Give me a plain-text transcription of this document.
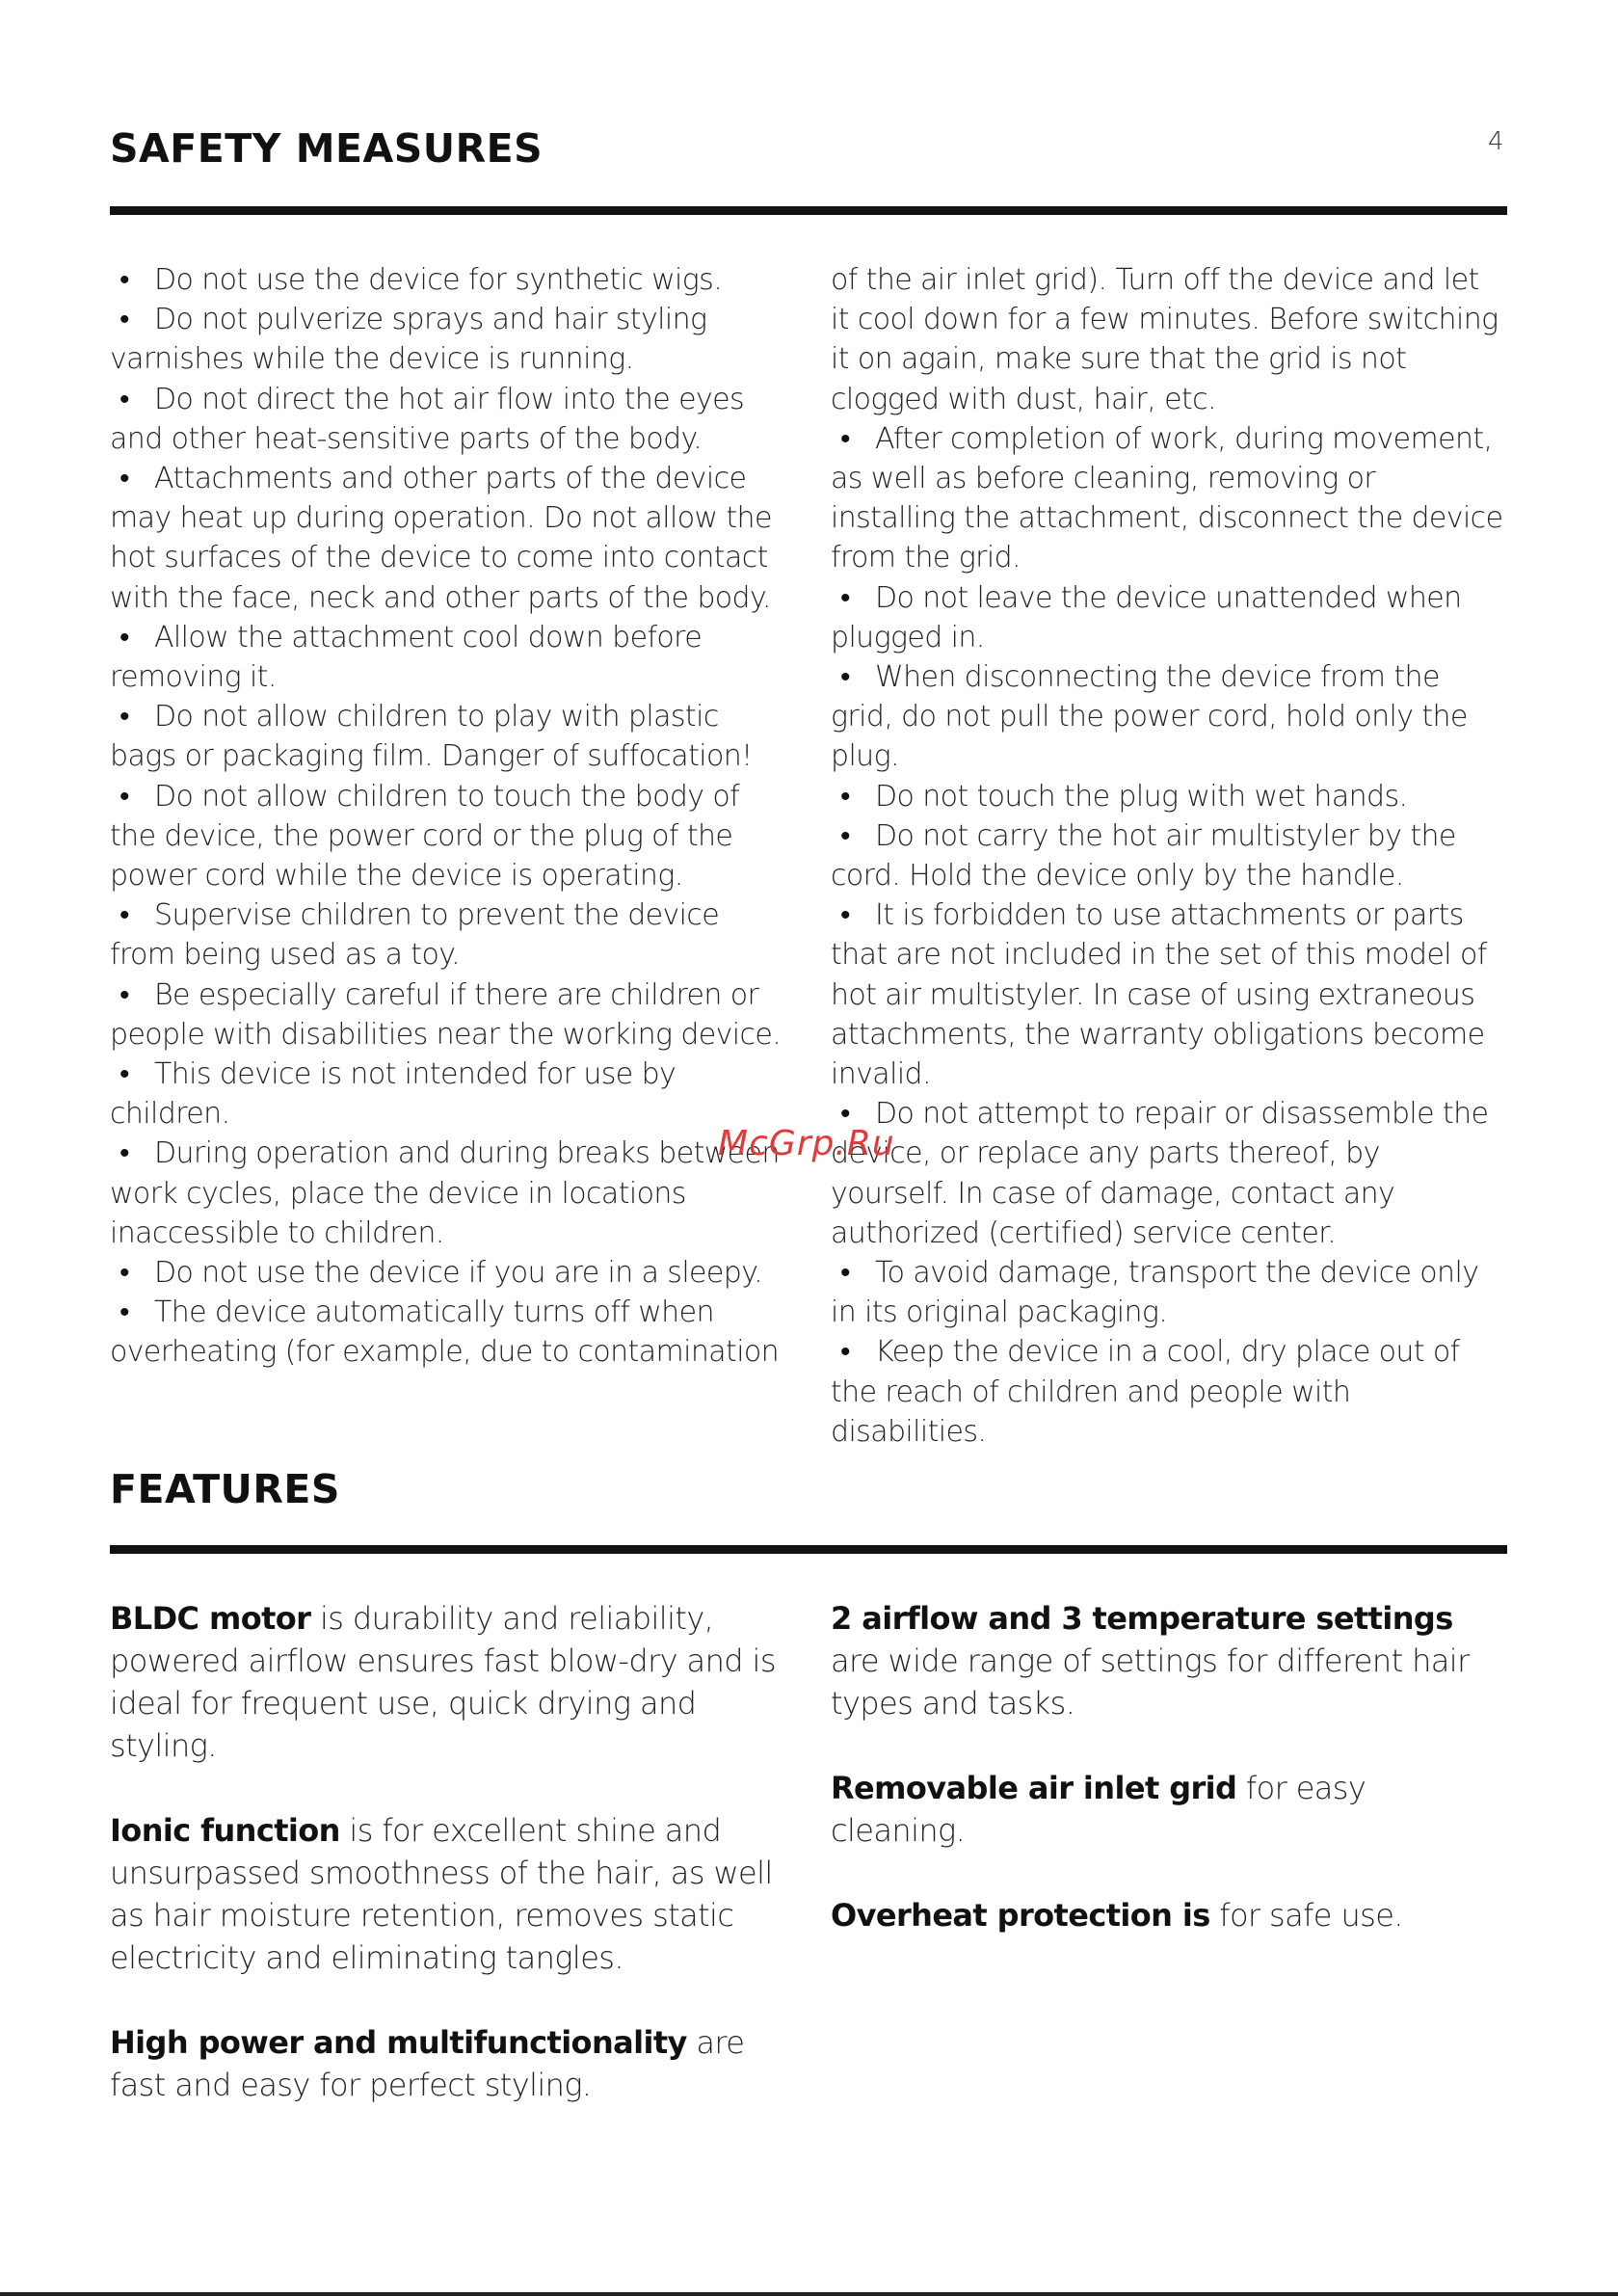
4
SAFETY MEASURES

• Do not use the device for synthetic wigs.

• Do not pulverize sprays and hair styling varnishes while the device is running.

• Do not direct the hot air flow into the eyes and other heat-sensitive parts of the body.

• Attachments and other parts of the device may heat up during operation. Do not allow the hot surfaces of the device to come into contact with the face, neck and other parts of the body.

• Allow the attachment cool down before removing it.

• Do not allow children to play with plastic bags or packaging film. Danger of suffocation!

• Do not allow children to touch the body of the device, the power cord or the plug of the power cord while the device is operating.

• Supervise children to prevent the device from being used as a toy.

• Be especially careful if there are children or people with disabilities near the working device.

• This device is not intended for use by children.

• During operation and during breaks between work cycles, place the device in locations inaccessible to children.

• Do not use the device if you are in a sleepy.

• The device automatically turns off when overheating (for example, due to contamination

of the air inlet grid). Turn off the device and let it cool down for a few minutes. Before switching it on again, make sure that the grid is not clogged with dust, hair, etc.

• After completion of work, during movement, as well as before cleaning, removing or installing the attachment, disconnect the device from the grid.

• Do not leave the device unattended when plugged in.

• When disconnecting the device from the grid, do not pull the power cord, hold only the plug.

• Do not touch the plug with wet hands.

• Do not carry the hot air multistyler by the cord. Hold the device only by the handle.

• It is forbidden to use attachments or parts that are not included in the set of this model of hot air multistyler. In case of using extraneous attachments, the warranty obligations become invalid.

• Do not attempt to repair or disassemble the device, or replace any parts thereof, by yourself. In case of damage, contact any authorized (certified) service center.

• To avoid damage, transport the device only in its original packaging.

• Keep the device in a cool, dry place out of the reach of children and people with disabilities.

McGrp.Ru
FEATURES

BLDC motor is durability and reliability, powered airflow ensures fast blow-dry and is ideal for frequent use, quick drying and styling.

Ionic function is for excellent shine and unsurpassed smoothness of the hair, as well as hair moisture retention, removes static electricity and eliminating tangles.

High power and multifunctionality are fast and easy for perfect styling.

2 airflow and 3 temperature settings are wide range of settings for different hair types and tasks.

Removable air inlet grid for easy cleaning.

Overheat protection is for safe use.
